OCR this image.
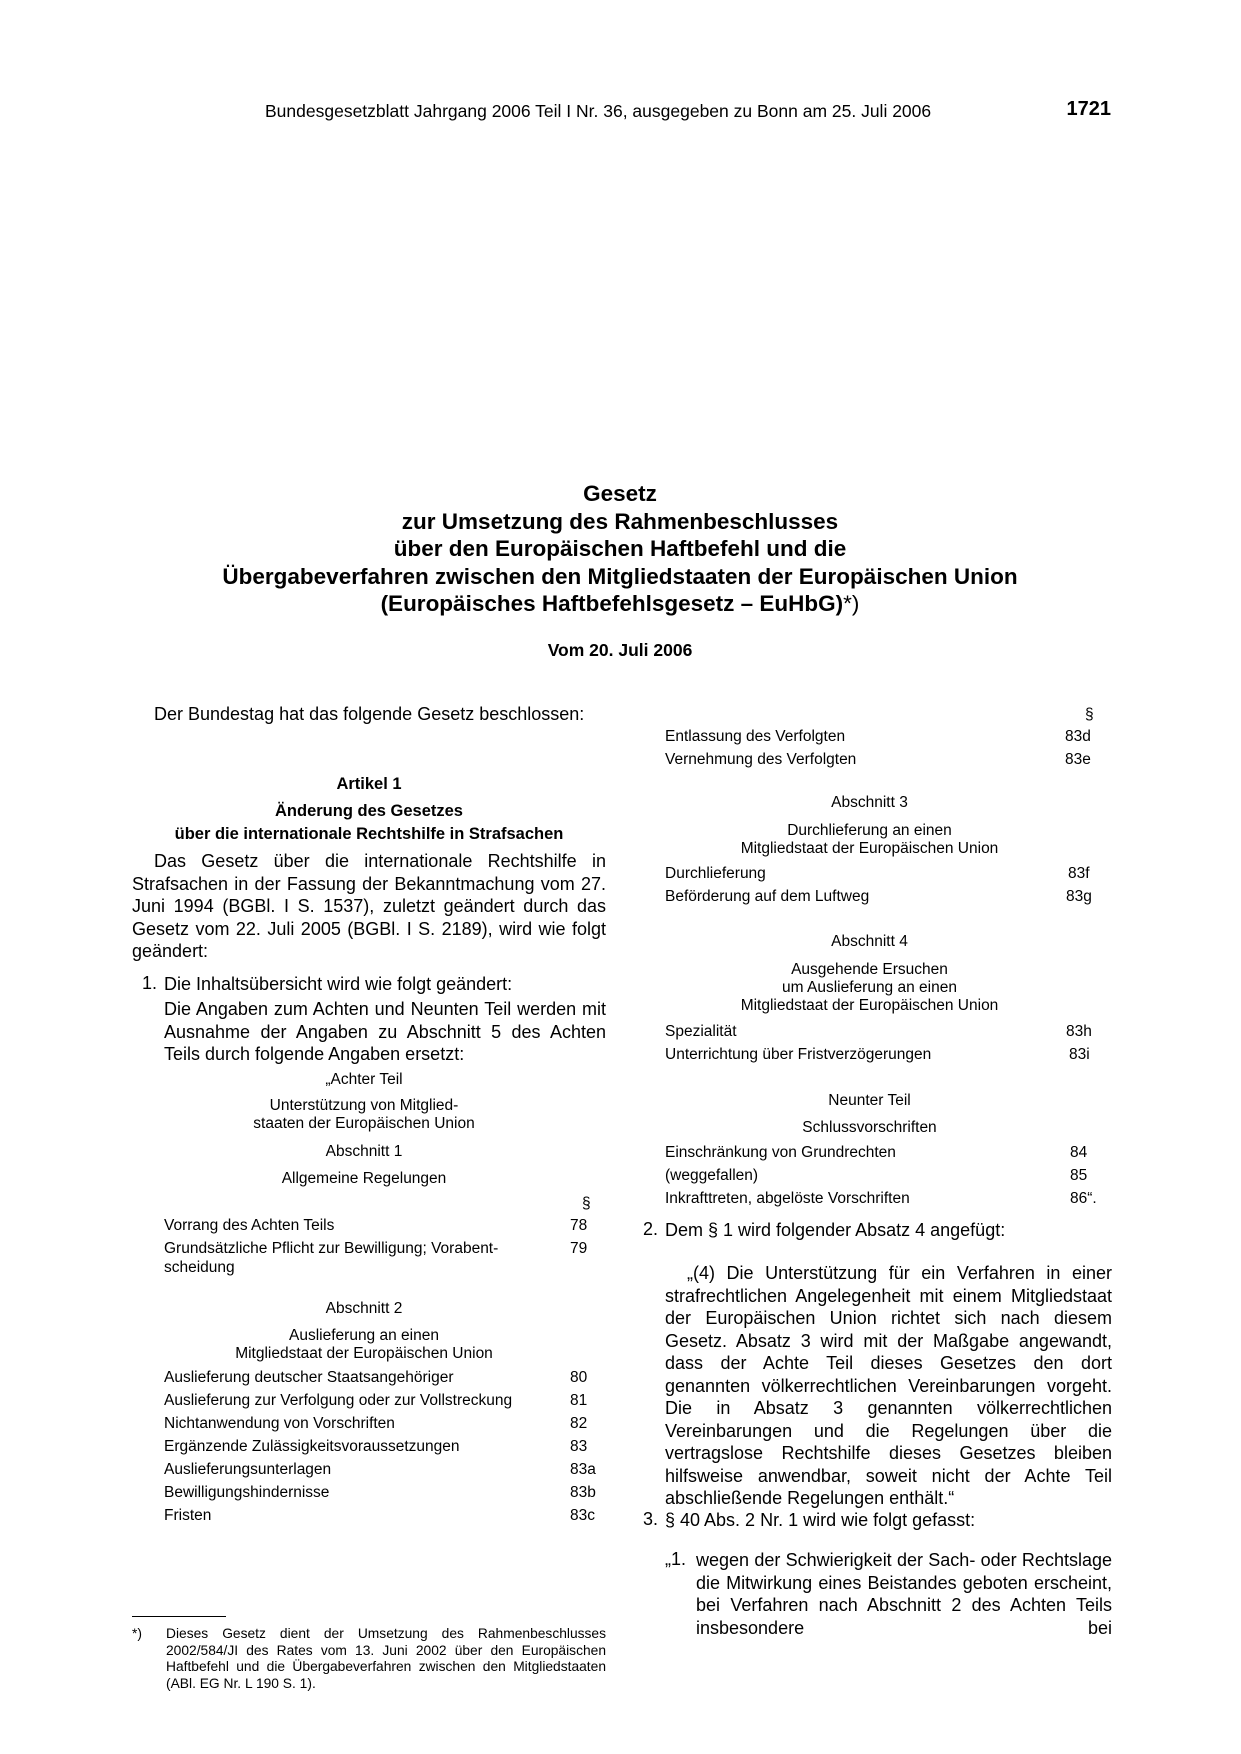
Bundesgesetzblatt Jahrgang 2006 Teil I Nr. 36, ausgegeben zu Bonn am 25. Juli 2006	1721
Gesetz
zur Umsetzung des Rahmenbeschlusses
über den Europäischen Haftbefehl und die
Übergabeverfahren zwischen den Mitgliedstaaten der Europäischen Union
(Europäisches Haftbefehlsgesetz – EuHbG)*)
Vom 20. Juli 2006

Der Bundestag hat das folgende Gesetz beschlossen:

Artikel 1
Änderung des Gesetzes
über die internationale Rechtshilfe in Strafsachen

Das Gesetz über die internationale Rechtshilfe in Strafsachen in der Fassung der Bekanntmachung vom 27. Juni 1994 (BGBl. I S. 1537), zuletzt geändert durch das Gesetz vom 22. Juli 2005 (BGBl. I S. 2189), wird wie folgt geändert:

1. Die Inhaltsübersicht wird wie folgt geändert:

Die Angaben zum Achten und Neunten Teil werden mit Ausnahme der Angaben zu Abschnitt 5 des Achten Teils durch folgende Angaben ersetzt:

„Achter Teil
Unterstützung von Mitglied-
staaten der Europäischen Union
Abschnitt 1
Allgemeine Regelungen
§
Vorrang des Achten Teils	78
Grundsätzliche Pflicht zur Bewilligung; Vorabent-
scheidung
79
Abschnitt 2
Auslieferung an einen
Mitgliedstaat der Europäischen Union
Auslieferung deutscher Staatsangehöriger	80
Auslieferung zur Verfolgung oder zur Vollstreckung	81
Nichtanwendung von Vorschriften	82
Ergänzende Zulässigkeitsvoraussetzungen	83
Auslieferungsunterlagen	83a
Bewilligungshindernisse	83b
Fristen	83c
*) Dieses Gesetz dient der Umsetzung des Rahmenbeschlusses 2002/584/JI des Rates vom 13. Juni 2002 über den Europäischen Haftbefehl und die Übergabeverfahren zwischen den Mitgliedstaaten (ABl. EG Nr. L 190 S. 1).
§
Entlassung des Verfolgten	83d
Vernehmung des Verfolgten	83e
Abschnitt 3
Durchlieferung an einen
Mitgliedstaat der Europäischen Union
Durchlieferung	83f
Beförderung auf dem Luftweg	83g
Abschnitt 4
Ausgehende Ersuchen
um Auslieferung an einen
Mitgliedstaat der Europäischen Union
Spezialität	83h
Unterrichtung über Fristverzögerungen	83i
Neunter Teil
Schlussvorschriften
Einschränkung von Grundrechten	84
(weggefallen)	85
Inkrafttreten, abgelöste Vorschriften	86“.
2. Dem § 1 wird folgender Absatz 4 angefügt:

„(4) Die Unterstützung für ein Verfahren in einer strafrechtlichen Angelegenheit mit einem Mitgliedstaat der Europäischen Union richtet sich nach diesem Gesetz. Absatz 3 wird mit der Maßgabe angewandt, dass der Achte Teil dieses Gesetzes den dort genannten völkerrechtlichen Vereinbarungen vorgeht. Die in Absatz 3 genannten völkerrechtlichen Vereinbarungen und die Regelungen über die vertragslose Rechtshilfe dieses Gesetzes bleiben hilfsweise anwendbar, soweit nicht der Achte Teil abschließende Regelungen enthält.“

3. § 40 Abs. 2 Nr. 1 wird wie folgt gefasst:
„1. wegen der Schwierigkeit der Sach- oder Rechtslage die Mitwirkung eines Beistandes geboten erscheint, bei Verfahren nach Abschnitt 2 des Achten Teils insbesondere bei
